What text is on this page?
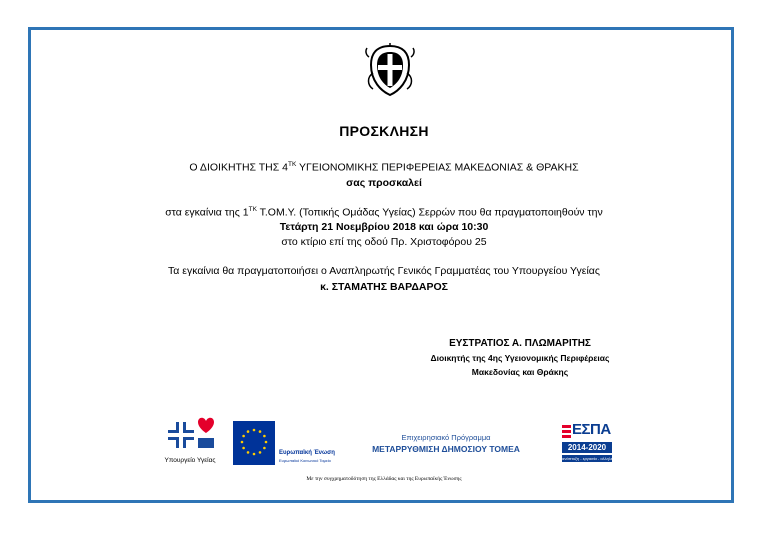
ΠΡΟΣΚΛΗΣΗ
Ο ΔΙΟΙΚΗΤΗΣ ΤΗΣ $4^{TK}$ ΥΓΕΙΟΝΟΜΙΚΗΣ ΠΕΡΙΦΕΡΕΙΑΣ ΜΑΚΕΔΟΝΙΑΣ & ΘΡΑΚΗΣ
σας προσκαλεί
στα εγκαίνια της $1^{TK}$ Τ.ΟΜ.Υ. (Τοπικής Ομάδας Υγείας) Σερρών που θα πραγματοποιηθούν την
Τετάρτη 21 Νοεμβρίου 2018 και ώρα 10:30
στο κτίριο επί της οδού Πρ. Χριστοφόρου 25
Τα εγκαίνια θα πραγματοποιήσει ο Αναπληρωτής Γενικός Γραμματέας του Υπουργείου Υγείας
κ. ΣΤΑΜΑΤΗΣ ΒΑΡΔΑΡΟΣ
ΕΥΣΤΡΑΤΙΟΣ Α. ΠΛΩΜΑΡΙΤΗΣ
Διοικητής της 4ης Υγειονομικής Περιφέρειας
Μακεδονίας και Θράκης
Υπουργείο Υγείας
Ευρωπαϊκή Ένωση
Ευρωπαϊκό Κοινωνικό Ταμείο
Επιχειρησιακό Πρόγραμμα
ΜΕΤΑΡΡΥΘΜΙΣΗ ΔΗΜΟΣΙΟΥ ΤΟΜΕΑ
ΕΣΠΑ
2014-2020
ανάπτυξη - εργασία - αλληλεγγύη
Με την συγχρηματοδότηση της Ελλάδας και της Ευρωπαϊκής Ένωσης
